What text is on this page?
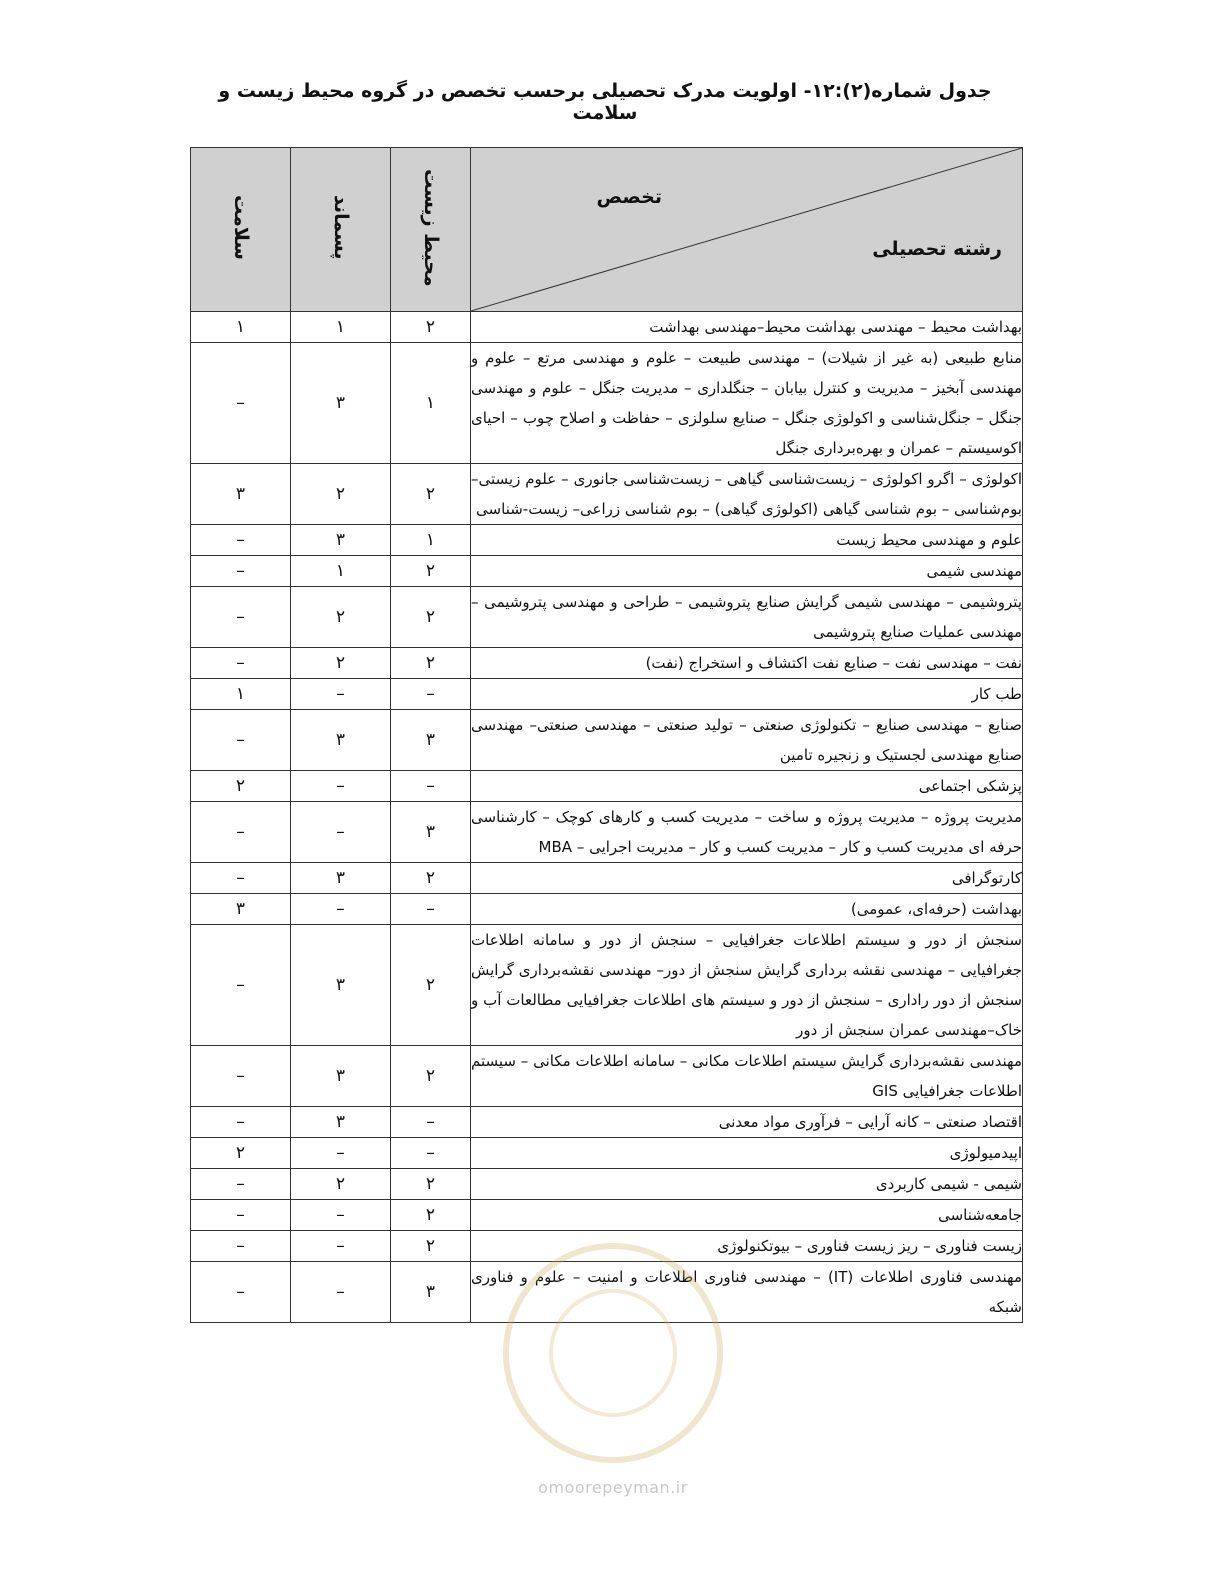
جدول شماره(۲):۱۲- اولویت مدرک تحصیلی برحسب تخصص در گروه محیط زیست و سلامت
تخصص
رشته تحصیلی	محیط زیست	پسماند	سلامت
بهداشت محیط – مهندسی بهداشت محیط–مهندسی بهداشت	۲	۱	۱
منابع طبیعی (به غیر از شیلات) – مهندسی طبیعت – علوم و مهندسی مرتع – علوم و مهندسی آبخیز – مدیریت و کنترل بیابان – جنگلداری – مدیریت جنگل – علوم و مهندسی جنگل – جنگل‌شناسی و اکولوژی جنگل – صنایع سلولزی – حفاظت و اصلاح چوب – احیای اکوسیستم – عمران و بهره‌برداری جنگل	۱	۳	–
اکولوژی – اگرو اکولوژی – زیست‌شناسی گیاهی – زیست‌شناسی جانوری – علوم زیستی– بوم‌شناسی – بوم شناسی گیاهی (اکولوژی گیاهی) – بوم شناسی زراعی– زیست-شناسی	۲	۲	۳
علوم و مهندسی محیط زیست	۱	۳	–
مهندسی شیمی	۲	۱	–
پتروشیمی – مهندسی شیمی گرایش صنایع پتروشیمی – طراحی و مهندسی پتروشیمی – مهندسی عملیات صنایع پتروشیمی	۲	۲	–
نفت – مهندسی نفت – صنایع نفت اکتشاف و استخراج (نفت)	۲	۲	–
طب کار	–	–	۱
صنایع – مهندسی صنایع – تکنولوژی صنعتی – تولید صنعتی – مهندسی صنعتی– مهندسی صنایع مهندسی لجستیک و زنجیره تامین	۳	۳	–
پزشکی اجتماعی	–	–	۲
مدیریت پروژه – مدیریت پروژه و ساخت – مدیریت کسب و کارهای کوچک – کارشناسی حرفه ای مدیریت کسب و کار – مدیریت کسب و کار – مدیریت اجرایی – MBA	۳	–	–
کارتوگرافی	۲	۳	–
بهداشت (حرفه‌ای، عمومی)	–	–	۳
سنجش از دور و سیستم اطلاعات جغرافیایی – سنجش از دور و سامانه اطلاعات جغرافیایی – مهندسی نقشه برداری گرایش سنجش از دور– مهندسی نقشه‌برداری گرایش سنجش از دور راداری – سنجش از دور و سیستم های اطلاعات جغرافیایی مطالعات آب و خاک–مهندسی عمران سنجش از دور	۲	۳	–
مهندسی نقشه‌برداری گرایش سیستم اطلاعات مکانی – سامانه اطلاعات مکانی – سیستم اطلاعات جغرافیایی GIS	۲	۳	–
اقتصاد صنعتی – کانه آرایی – فرآوری مواد معدنی	–	۳	–
اپیدمیولوژی	–	–	۲
شیمی - شیمی کاربردی	۲	۲	–
جامعه‌شناسی	۲	–	–
زیست فناوری – ریز زیست فناوری – بیوتکنولوژی	۲	–	–
مهندسی فناوری اطلاعات (IT) – مهندسی فناوری اطلاعات و امنیت – علوم و فناوری شبکه	۳	–	–
omoorepeyman.ir
